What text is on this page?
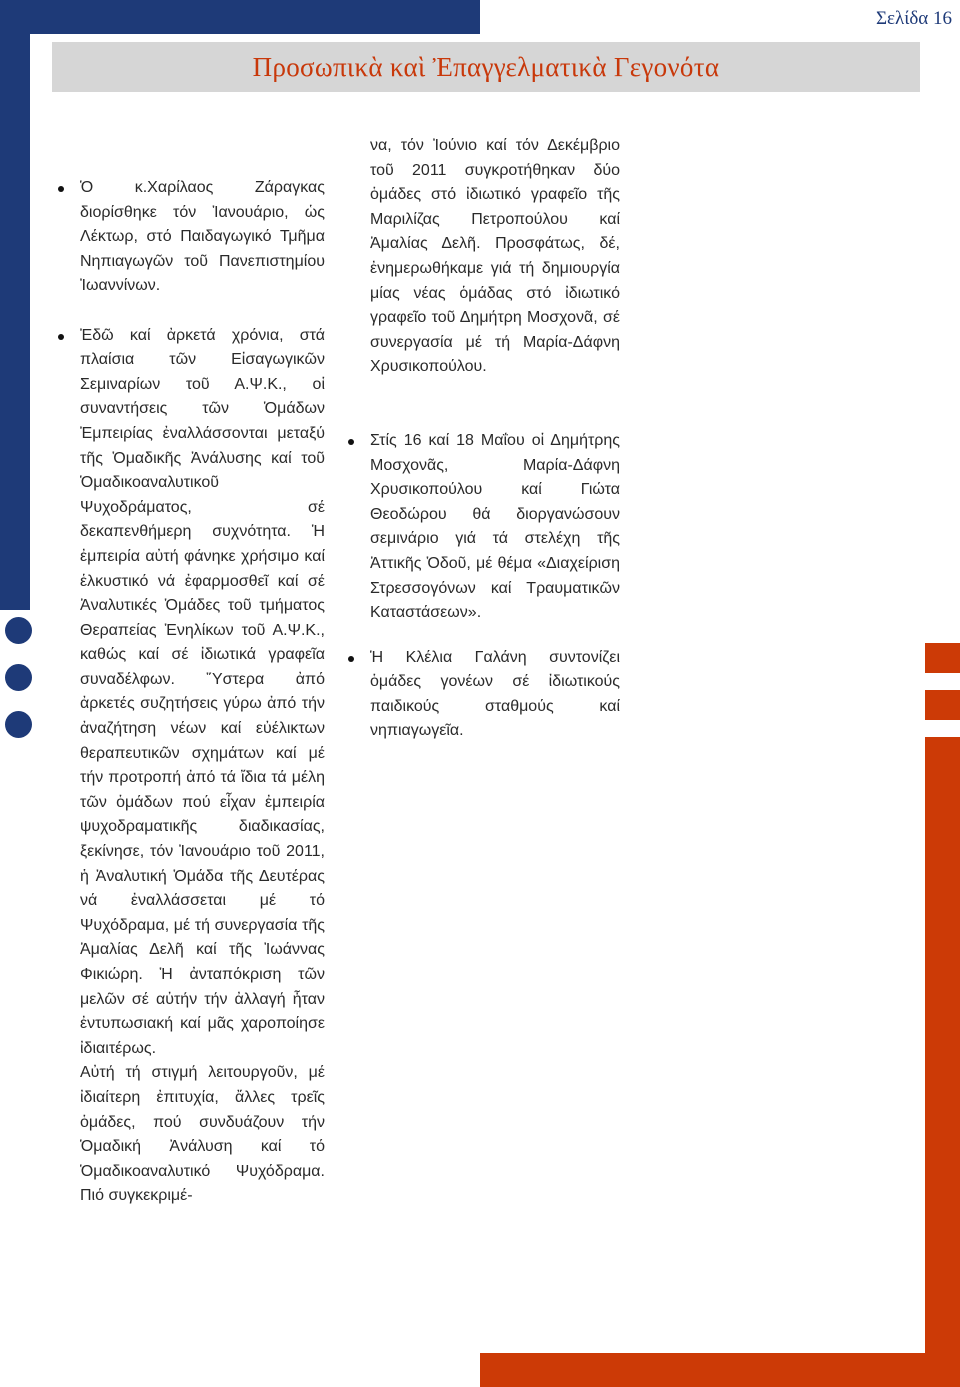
Σελίδα 16
Προσωπικὰ καὶ Ἐπαγγελματικὰ Γεγονότα

Ὁ κ.Χαρίλαος Ζάραγκας διορίσθηκε τόν Ἰανουάριο, ὡς Λέκτωρ, στό Παιδαγωγικό Τμῆμα Νηπιαγωγῶν τοῦ Πανεπιστημίου Ἰωαννίνων.

Ἐδῶ καί ἀρκετά χρόνια, στά πλαίσια τῶν Εἰσαγωγικῶν Σεμιναρίων τοῦ Α.Ψ.Κ., οἱ συναντήσεις τῶν Ὁμάδων Ἐμπειρίας ἐναλλάσσονται μεταξύ τῆς Ὁμαδικῆς Ἀνάλυσης καί τοῦ Ὁμαδικοαναλυτικοῦ Ψυχοδράματος, σέ δεκαπενθήμερη συχνότητα. Ἡ ἐμπειρία αὐτή φάνηκε χρήσιμο καί ἑλκυστικό νά ἐφαρμοσθεῖ καί σέ Ἀναλυτικές Ὁμάδες τοῦ τμήματος Θεραπείας Ἐνηλίκων τοῦ Α.Ψ.Κ., καθώς καί σέ ἰδιωτικά γραφεῖα συναδέλφων. Ὕστερα ἀπό ἀρκετές συζητήσεις γύρω ἀπό τήν ἀναζήτηση νέων καί εὐέλικτων θεραπευτικῶν σχημάτων καί μέ τήν προτροπή ἀπό τά ἴδια τά μέλη τῶν ὁμάδων πού εἶχαν ἐμπειρία ψυχοδραματικῆς διαδικασίας, ξεκίνησε, τόν Ἰανουάριο τοῦ 2011, ἡ Ἀναλυτική Ὁμάδα τῆς Δευτέρας νά ἐναλλάσσεται μέ τό Ψυχόδραμα, μέ τή συνεργασία τῆς Ἀμαλίας Δελῆ καί τῆς Ἰωάννας Φικιώρη. Ἡ ἀνταπόκριση τῶν μελῶν σέ αὐτήν τήν ἀλλαγή ἦταν ἐντυπωσιακή καί μᾶς χαροποίησε ἰδιαιτέρως.

Αὐτή τή στιγμή λειτουργοῦν, μέ ἰδιαίτερη ἐπιτυχία, ἄλλες τρεῖς ὁμάδες, πού συνδυάζουν τήν Ὁμαδική Ἀνάλυση καί τό Ὁμαδικοαναλυτικό Ψυχόδραμα. Πιό συγκεκριμέ-

να, τόν Ἰούνιο καί τόν Δεκέμβριο τοῦ 2011 συγκροτήθηκαν δύο ὁμάδες στό ἰδιωτικό γραφεῖο τῆς Μαριλίζας Πετροπούλου καί Ἀμαλίας Δελῆ. Προσφάτως, δέ, ἐνημερωθήκαμε γιά τή δημιουργία μίας νέας ὁμάδας στό ἰδιωτικό γραφεῖο τοῦ Δημήτρη Μοσχονᾶ, σέ συνεργασία μέ τή Μαρία-Δάφνη Χρυσικοπούλου.

Στίς 16 καί 18 Μαΐου οἱ Δημήτρης Μοσχονᾶς, Μαρία-Δάφνη Χρυσικοπούλου καί Γιώτα Θεοδώρου θά διοργανώσουν σεμινάριο γιά τά στελέχη τῆς Ἀττικῆς Ὁδοῦ, μέ θέμα «Διαχείριση Στρεσσογόνων καί Τραυματικῶν Καταστάσεων».

Ἡ Κλέλια Γαλάνη συντονίζει ὁμάδες γονέων σέ ἰδιωτικούς παιδικούς σταθμούς καί νηπιαγωγεῖα.
